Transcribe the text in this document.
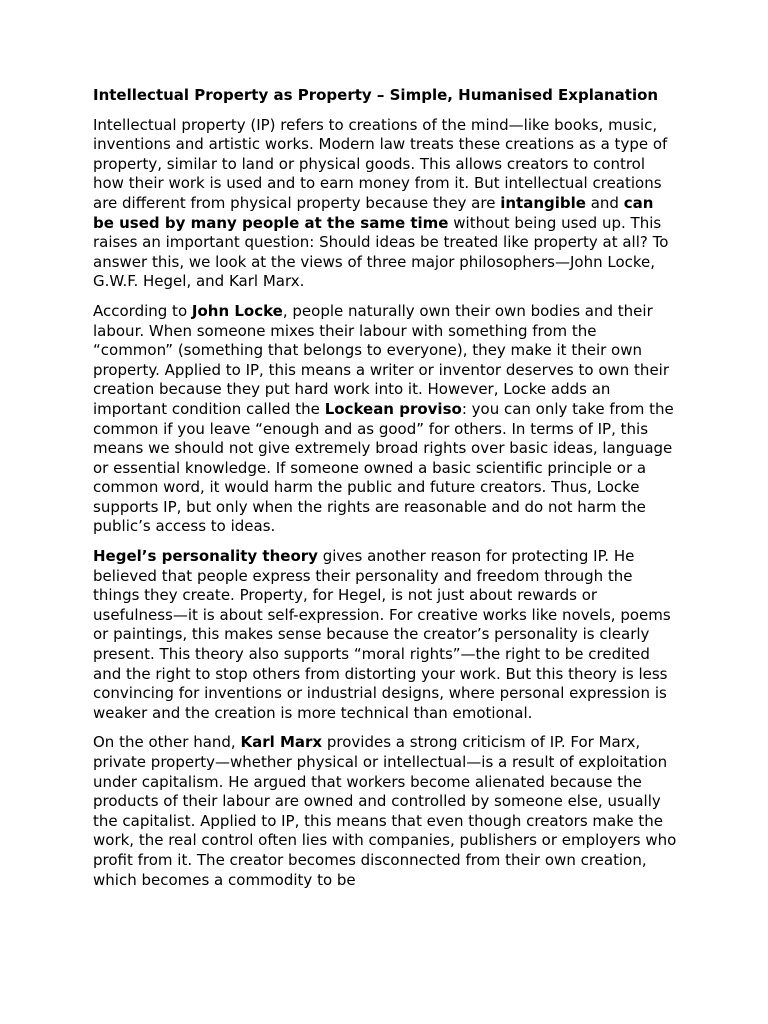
Intellectual Property as Property – Simple, Humanised Explanation

Intellectual property (IP) refers to creations of the mind—like books, music, inventions and artistic works. Modern law treats these creations as a type of property, similar to land or physical goods. This allows creators to control how their work is used and to earn money from it. But intellectual creations are different from physical property because they are intangible and can be used by many people at the same time without being used up. This raises an important question: Should ideas be treated like property at all? To answer this, we look at the views of three major philosophers—John Locke, G.W.F. Hegel, and Karl Marx.

According to John Locke, people naturally own their own bodies and their labour. When someone mixes their labour with something from the “common” (something that belongs to everyone), they make it their own property. Applied to IP, this means a writer or inventor deserves to own their creation because they put hard work into it. However, Locke adds an important condition called the Lockean proviso: you can only take from the common if you leave “enough and as good” for others. In terms of IP, this means we should not give extremely broad rights over basic ideas, language or essential knowledge. If someone owned a basic scientific principle or a common word, it would harm the public and future creators. Thus, Locke supports IP, but only when the rights are reasonable and do not harm the public’s access to ideas.

Hegel’s personality theory gives another reason for protecting IP. He believed that people express their personality and freedom through the things they create. Property, for Hegel, is not just about rewards or usefulness—it is about self-expression. For creative works like novels, poems or paintings, this makes sense because the creator’s personality is clearly present. This theory also supports “moral rights”—the right to be credited and the right to stop others from distorting your work. But this theory is less convincing for inventions or industrial designs, where personal expression is weaker and the creation is more technical than emotional.

On the other hand, Karl Marx provides a strong criticism of IP. For Marx, private property—whether physical or intellectual—is a result of exploitation under capitalism. He argued that workers become alienated because the products of their labour are owned and controlled by someone else, usually the capitalist. Applied to IP, this means that even though creators make the work, the real control often lies with companies, publishers or employers who profit from it. The creator becomes disconnected from their own creation, which becomes a commodity to be
